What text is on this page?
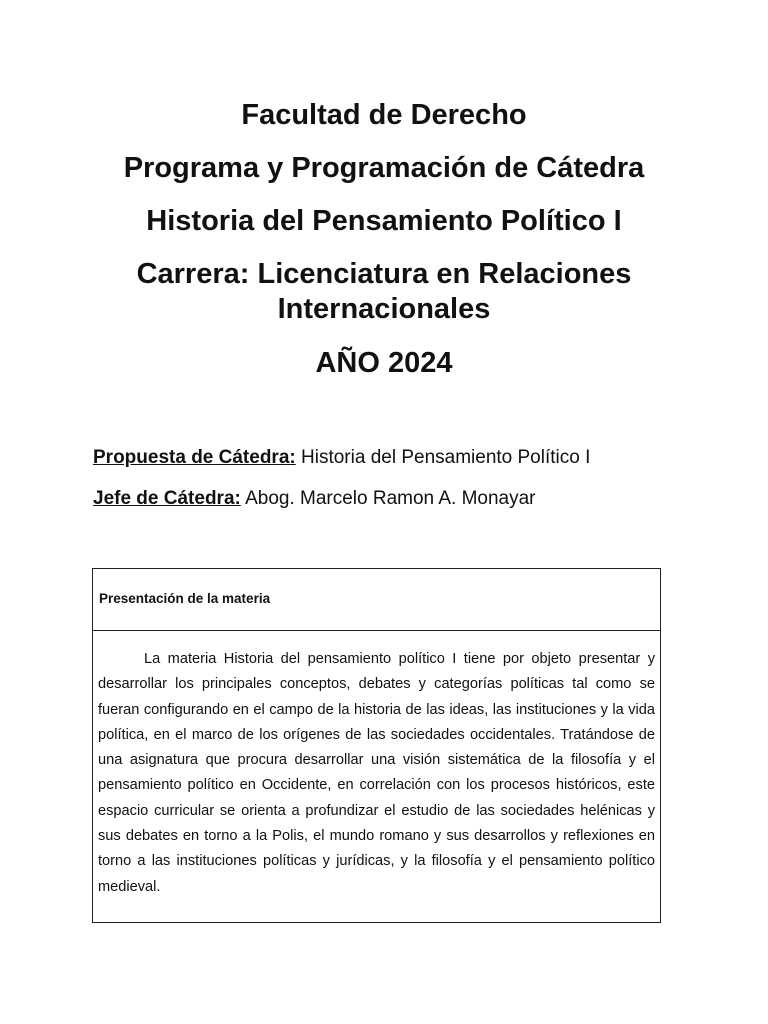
Facultad de Derecho
Programa y Programación de Cátedra
Historia del Pensamiento Político I
Carrera: Licenciatura en Relaciones Internacionales
AÑO 2024
Propuesta de Cátedra: Historia del Pensamiento Político I
Jefe de Cátedra: Abog. Marcelo Ramon A. Monayar
Presentación de la materia
La materia Historia del pensamiento político I tiene por objeto presentar y desarrollar los principales conceptos, debates y categorías políticas tal como se fueran configurando en el campo de la historia de las ideas, las instituciones y la vida política, en el marco de los orígenes de las sociedades occidentales. Tratándose de una asignatura que procura desarrollar una visión sistemática de la filosofía y el pensamiento político en Occidente, en correlación con los procesos históricos, este espacio curricular se orienta a profundizar el estudio de las sociedades helénicas y sus debates en torno a la Polis, el mundo romano y sus desarrollos y reflexiones en torno a las instituciones políticas y jurídicas, y la filosofía y el pensamiento político medieval.
